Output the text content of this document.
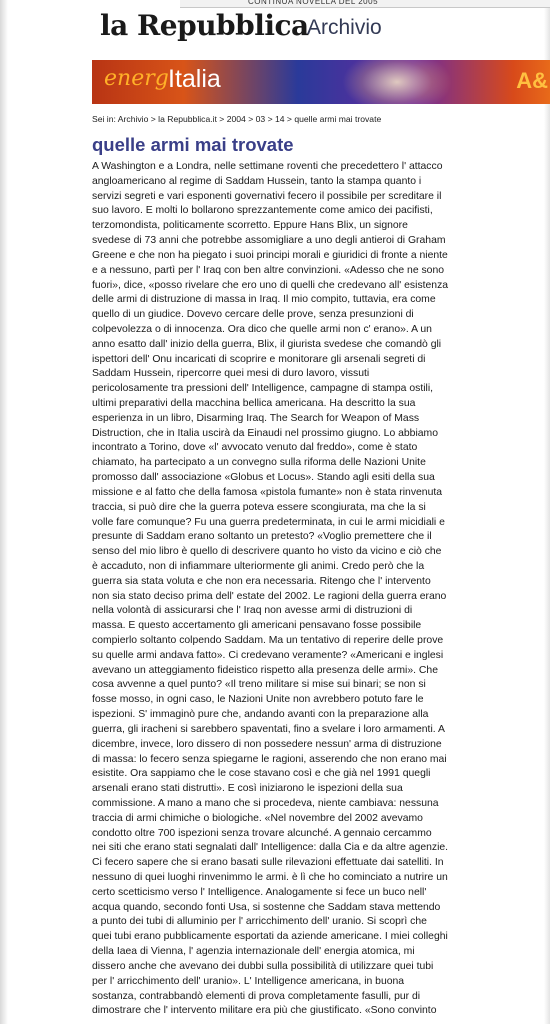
CONTINUA NOVELLA DEL 2005
la Repubblica
Archivio
energ Italia	A&
Sei in: Archivio > la Repubblica.it > 2004 > 03 > 14 > quelle armi mai trovate
quelle armi mai trovate
A Washington e a Londra, nelle settimane roventi che precedettero l' attacco
angloamericano al regime di Saddam Hussein, tanto la stampa quanto i
servizi segreti e vari esponenti governativi fecero il possibile per screditare il
suo lavoro. E molti lo bollarono sprezzantemente come amico dei pacifisti,
terzomondista, politicamente scorretto. Eppure Hans Blix, un signore
svedese di 73 anni che potrebbe assomigliare a uno degli antieroi di Graham
Greene e che non ha piegato i suoi principi morali e giuridici di fronte a niente
e a nessuno, partì per l' Iraq con ben altre convinzioni. «Adesso che ne sono
fuori», dice, «posso rivelare che ero uno di quelli che credevano all' esistenza
delle armi di distruzione di massa in Iraq. Il mio compito, tuttavia, era come
quello di un giudice. Dovevo cercare delle prove, senza presunzioni di
colpevolezza o di innocenza. Ora dico che quelle armi non c' erano». A un
anno esatto dall' inizio della guerra, Blix, il giurista svedese che comandò gli
ispettori dell' Onu incaricati di scoprire e monitorare gli arsenali segreti di
Saddam Hussein, ripercorre quei mesi di duro lavoro, vissuti
pericolosamente tra pressioni dell' Intelligence, campagne di stampa ostili,
ultimi preparativi della macchina bellica americana. Ha descritto la sua
esperienza in un libro, Disarming Iraq. The Search for Weapon of Mass
Distruction, che in Italia uscirà da Einaudi nel prossimo giugno. Lo abbiamo
incontrato a Torino, dove «l' avvocato venuto dal freddo», come è stato
chiamato, ha partecipato a un convegno sulla riforma delle Nazioni Unite
promosso dall' associazione «Globus et Locus». Stando agli esiti della sua
missione e al fatto che della famosa «pistola fumante» non è stata rinvenuta
traccia, si può dire che la guerra poteva essere scongiurata, ma che la si
volle fare comunque? Fu una guerra predeterminata, in cui le armi micidiali e
presunte di Saddam erano soltanto un pretesto? «Voglio premettere che il
senso del mio libro è quello di descrivere quanto ho visto da vicino e ciò che
è accaduto, non di infiammare ulteriormente gli animi. Credo però che la
guerra sia stata voluta e che non era necessaria. Ritengo che l' intervento
non sia stato deciso prima dell' estate del 2002. Le ragioni della guerra erano
nella volontà di assicurarsi che l' Iraq non avesse armi di distruzioni di
massa. E questo accertamento gli americani pensavano fosse possibile
compierlo soltanto colpendo Saddam. Ma un tentativo di reperire delle prove
su quelle armi andava fatto». Ci credevano veramente? «Americani e inglesi
avevano un atteggiamento fideistico rispetto alla presenza delle armi». Che
cosa avvenne a quel punto? «Il treno militare si mise sui binari; se non si
fosse mosso, in ogni caso, le Nazioni Unite non avrebbero potuto fare le
ispezioni. S' immaginò pure che, andando avanti con la preparazione alla
guerra, gli iracheni si sarebbero spaventati, fino a svelare i loro armamenti. A
dicembre, invece, loro dissero di non possedere nessun' arma di distruzione
di massa: lo fecero senza spiegarne le ragioni, asserendo che non erano mai
esistite. Ora sappiamo che le cose stavano così e che già nel 1991 quegli
arsenali erano stati distrutti». E così iniziarono le ispezioni della sua
commissione. A mano a mano che si procedeva, niente cambiava: nessuna
traccia di armi chimiche o biologiche. «Nel novembre del 2002 avevamo
condotto oltre 700 ispezioni senza trovare alcunché. A gennaio cercammo
nei siti che erano stati segnalati dall' Intelligence: dalla Cia e da altre agenzie.
Ci fecero sapere che si erano basati sulle rilevazioni effettuate dai satelliti. In
nessuno di quei luoghi rinvenimmo le armi. è lì che ho cominciato a nutrire un
certo scetticismo verso l' Intelligence. Analogamente si fece un buco nell'
acqua quando, secondo fonti Usa, si sostenne che Saddam stava mettendo
a punto dei tubi di alluminio per l' arricchimento dell' uranio. Si scoprì che
quei tubi erano pubblicamente esportati da aziende americane. I miei colleghi
della Iaea di Vienna, l' agenzia internazionale dell' energia atomica, mi
dissero anche che avevano dei dubbi sulla possibilità di utilizzare quei tubi
per l' arricchimento dell' uranio». L' Intelligence americana, in buona
sostanza, contrabbandò elementi di prova completamente fasulli, pur di
dimostrare che l' intervento militare era più che giustificato. «Sono convinto
